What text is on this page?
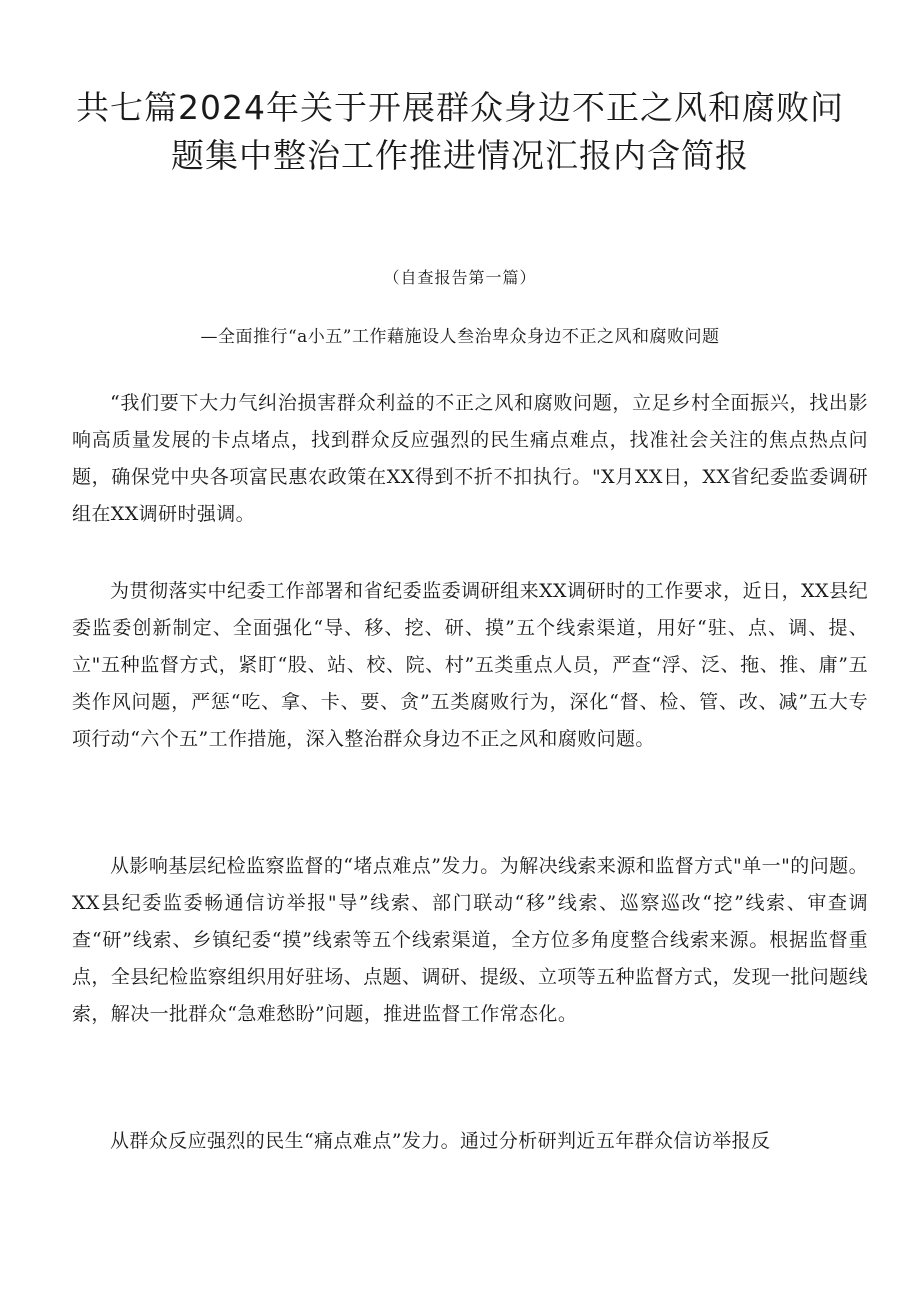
共七篇2024年关于开展群众身边不正之风和腐败问题集中整治工作推进情况汇报内含简报
（自查报告第一篇）
—全面推行“a小五”工作藉施设人叁治卑众身边不正之风和腐败问题

“我们要下大力气纠治损害群众利益的不正之风和腐败问题，立足乡村全面振兴，找出影响高质量发展的卡点堵点，找到群众反应强烈的民生痛点难点，找准社会关注的焦点热点问题，确保党中央各项富民惠农政策在XX得到不折不扣执行。"X月XX日，XX省纪委监委调研组在XX调研时强调。

为贯彻落实中纪委工作部署和省纪委监委调研组来XX调研时的工作要求，近日，XX县纪委监委创新制定、全面强化“导、移、挖、研、摸”五个线索渠道，用好“驻、点、调、提、立"五种监督方式，紧盯“股、站、校、院、村”五类重点人员，严查“浮、泛、拖、推、庸”五类作风问题，严惩“吃、拿、卡、要、贪”五类腐败行为，深化“督、检、管、改、减”五大专项行动“六个五”工作措施，深入整治群众身边不正之风和腐败问题。

从影响基层纪检监察监督的“堵点难点”发力。为解决线索来源和监督方式"单一"的问题。XX县纪委监委畅通信访举报"导”线索、部门联动“移”线索、巡察巡改“挖”线索、审查调查“研”线索、乡镇纪委“摸”线索等五个线索渠道，全方位多角度整合线索来源。根据监督重点，全县纪检监察组织用好驻场、点题、调研、提级、立项等五种监督方式，发现一批问题线索，解决一批群众“急难愁盼”问题，推进监督工作常态化。

从群众反应强烈的民生“痛点难点”发力。通过分析研判近五年群众信访举报反
